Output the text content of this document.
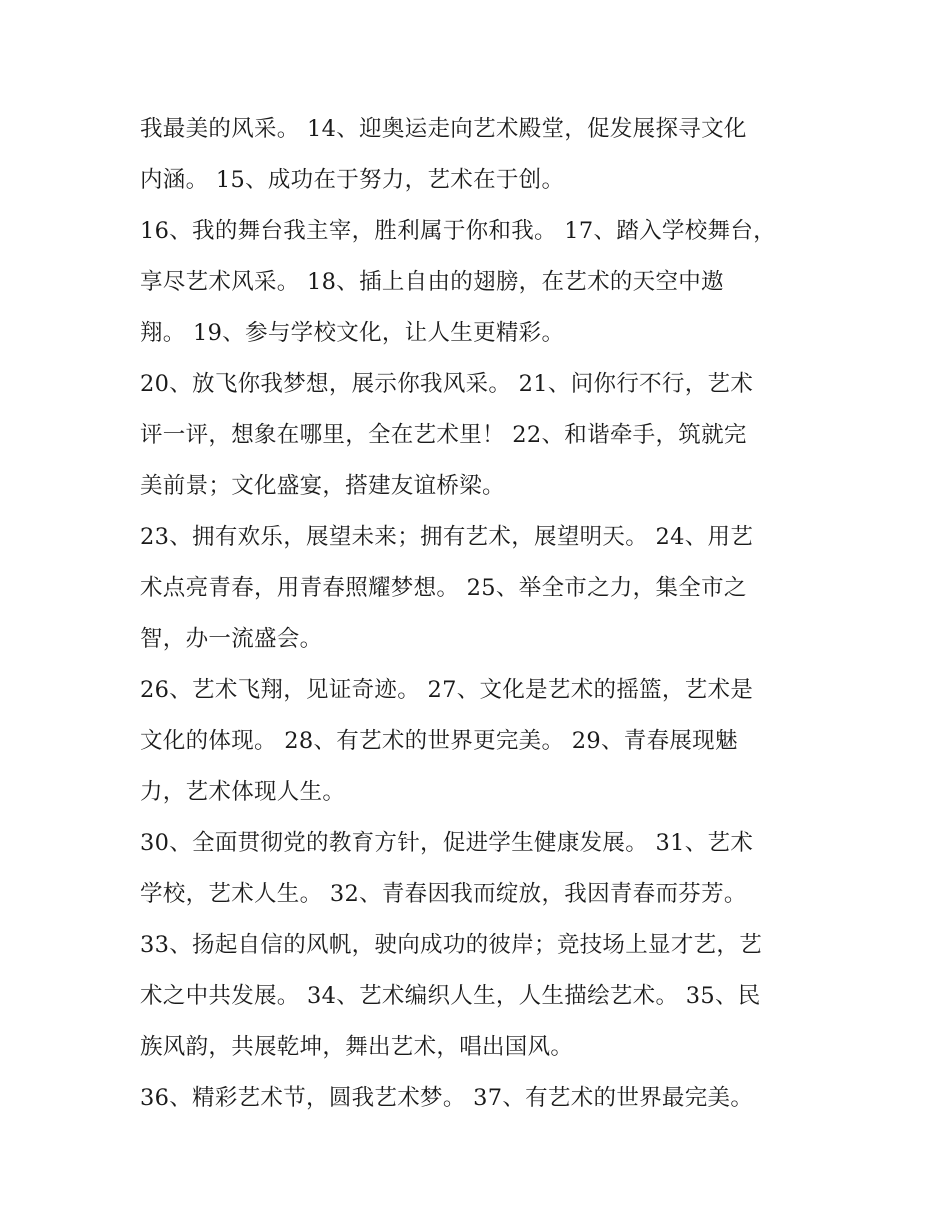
我最美的风采。 14、迎奥运走向艺术殿堂，促发展探寻文化
内涵。 15、成功在于努力，艺术在于创。
16、我的舞台我主宰，胜利属于你和我。 17、踏入学校舞台，
享尽艺术风采。 18、插上自由的翅膀，在艺术的天空中遨
翔。 19、参与学校文化，让人生更精彩。
20、放飞你我梦想，展示你我风采。 21、问你行不行，艺术
评一评，想象在哪里，全在艺术里！ 22、和谐牵手，筑就完
美前景；文化盛宴，搭建友谊桥梁。
23、拥有欢乐，展望未来；拥有艺术，展望明天。 24、用艺
术点亮青春，用青春照耀梦想。 25、举全市之力，集全市之
智，办一流盛会。
26、艺术飞翔，见证奇迹。 27、文化是艺术的摇篮，艺术是
文化的体现。 28、有艺术的世界更完美。 29、青春展现魅
力，艺术体现人生。
30、全面贯彻党的教育方针，促进学生健康发展。 31、艺术
学校，艺术人生。 32、青春因我而绽放，我因青春而芬芳。
33、扬起自信的风帆，驶向成功的彼岸；竞技场上显才艺，艺
术之中共发展。 34、艺术编织人生，人生描绘艺术。 35、民
族风韵，共展乾坤，舞出艺术，唱出国风。
36、精彩艺术节，圆我艺术梦。 37、有艺术的世界最完美。
